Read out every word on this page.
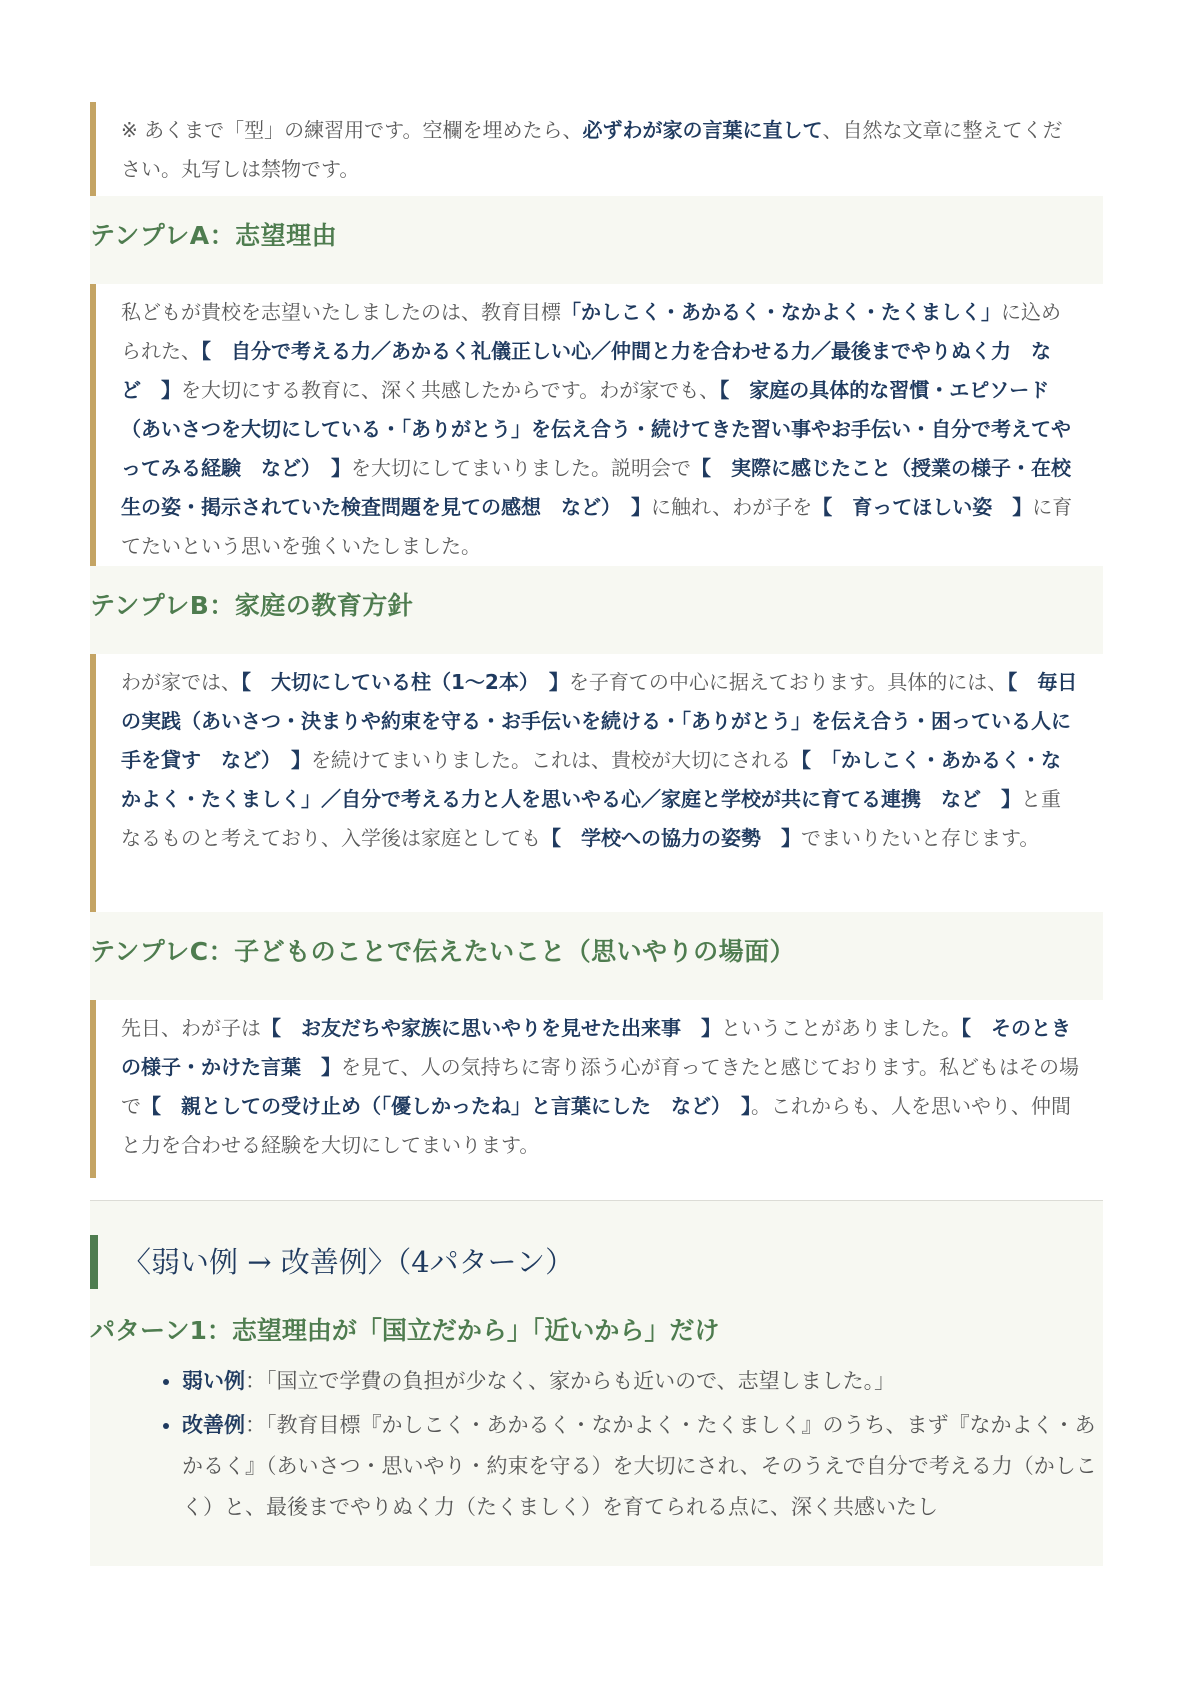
※ あくまで「型」の練習用です。空欄を埋めたら、必ずわが家の言葉に直して、自然な文章に整えてください。丸写しは禁物です。
テンプレA：志望理由
私どもが貴校を志望いたしましたのは、教育目標「かしこく・あかるく・なかよく・たくましく」に込められた、【　自分で考える力／あかるく礼儀正しい心／仲間と力を合わせる力／最後までやりぬく力　など　】を大切にする教育に、深く共感したからです。わが家でも、【　家庭の具体的な習慣・エピソード（あいさつを大切にしている・「ありがとう」を伝え合う・続けてきた習い事やお手伝い・自分で考えてやってみる経験　など）　】を大切にしてまいりました。説明会で【　実際に感じたこと（授業の様子・在校生の姿・掲示されていた検査問題を見ての感想　など）　】に触れ、わが子を【　育ってほしい姿　】に育てたいという思いを強くいたしました。
テンプレB：家庭の教育方針
わが家では、【　大切にしている柱（1〜2本）　】を子育ての中心に据えております。具体的には、【　毎日の実践（あいさつ・決まりや約束を守る・お手伝いを続ける・「ありがとう」を伝え合う・困っている人に手を貸す　など）　】を続けてまいりました。これは、貴校が大切にされる【　「かしこく・あかるく・なかよく・たくましく」／自分で考える力と人を思いやる心／家庭と学校が共に育てる連携　など　】と重なるものと考えており、入学後は家庭としても【　学校への協力の姿勢　】でまいりたいと存じます。
テンプレC：子どものことで伝えたいこと（思いやりの場面）
先日、わが子は【　お友だちや家族に思いやりを見せた出来事　】ということがありました。【　そのときの様子・かけた言葉　】を見て、人の気持ちに寄り添う心が育ってきたと感じております。私どもはその場で【　親としての受け止め（「優しかったね」と言葉にした　など）　】。これからも、人を思いやり、仲間と力を合わせる経験を大切にしてまいります。
〈弱い例 → 改善例〉（4パターン）
パターン1：志望理由が「国立だから」「近いから」だけ
• 弱い例：「国立で学費の負担が少なく、家からも近いので、志望しました。」
• 改善例：「教育目標『かしこく・あかるく・なかよく・たくましく』のうち、まず『なかよく・あかるく』（あいさつ・思いやり・約束を守る）を大切にされ、そのうえで自分で考える力（かしこく）と、最後までやりぬく力（たくましく）を育てられる点に、深く共感いたし
